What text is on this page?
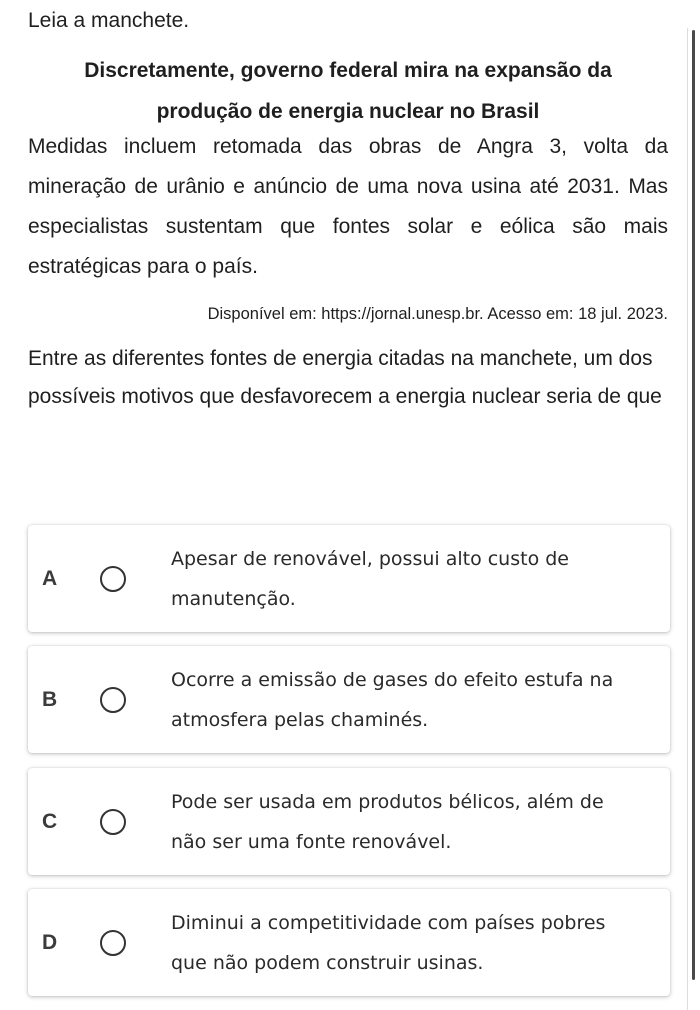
Leia a manchete.
Discretamente, governo federal mira na expansão da
produção de energia nuclear no Brasil
Medidas incluem retomada das obras de Angra 3, volta da mineração de urânio e anúncio de uma nova usina até 2031. Mas especialistas sustentam que fontes solar e eólica são mais estratégicas para o país.
Disponível em: https://jornal.unesp.br. Acesso em: 18 jul. 2023.
Entre as diferentes fontes de energia citadas na manchete, um dos possíveis motivos que desfavorecem a energia nuclear seria de que
A
Apesar de renovável, possui alto custo de
manutenção.
B
Ocorre a emissão de gases do efeito estufa na
atmosfera pelas chaminés.
C
Pode ser usada em produtos bélicos, além de
não ser uma fonte renovável.
D
Diminui a competitividade com países pobres
que não podem construir usinas.
